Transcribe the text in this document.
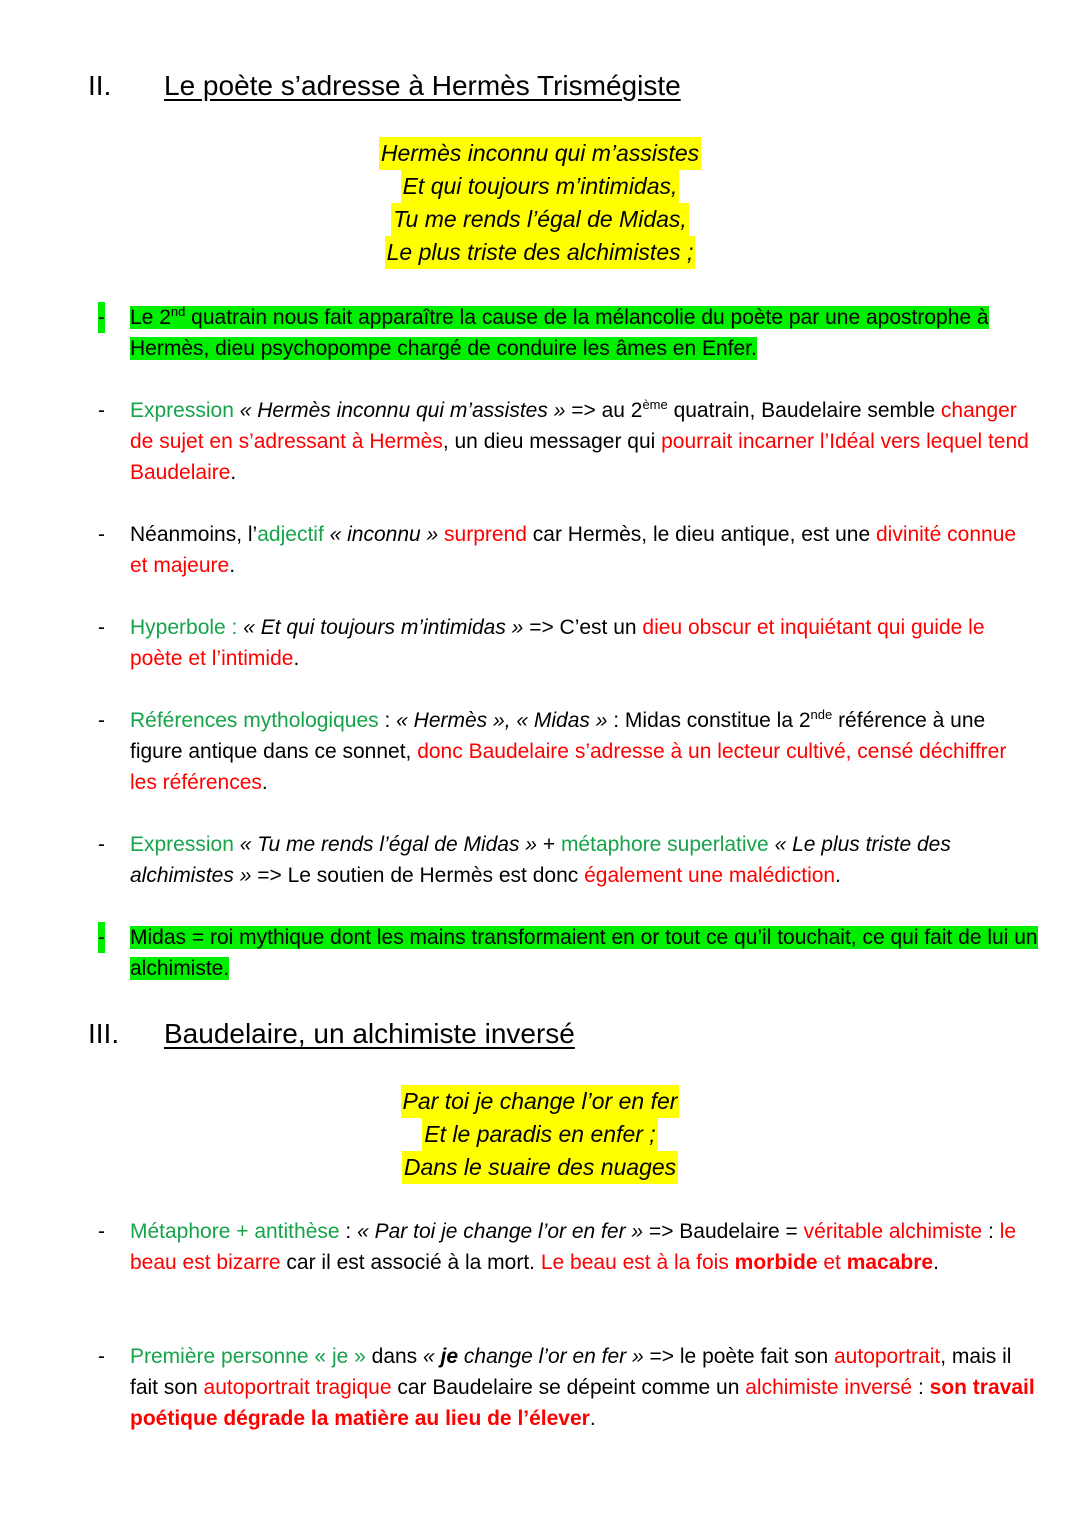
II. Le poète s’adresse à Hermès Trismégiste
Hermès inconnu qui m’assistes
Et qui toujours m’intimidas,
Tu me rends l’égal de Midas,
Le plus triste des alchimistes ;
- Le 2nd quatrain nous fait apparaître la cause de la mélancolie du poète par une apostrophe à Hermès, dieu psychopompe chargé de conduire les âmes en Enfer.
- Expression « Hermès inconnu qui m’assistes » => au 2ème quatrain, Baudelaire semble changer de sujet en s’adressant à Hermès, un dieu messager qui pourrait incarner l’Idéal vers lequel tend Baudelaire.
- Néanmoins, l’adjectif « inconnu » surprend car Hermès, le dieu antique, est une divinité connue et majeure.
- Hyperbole : « Et qui toujours m’intimidas » => C’est un dieu obscur et inquiétant qui guide le poète et l’intimide.
- Références mythologiques : « Hermès », « Midas » : Midas constitue la 2nde référence à une figure antique dans ce sonnet, donc Baudelaire s’adresse à un lecteur cultivé, censé déchiffrer les références.
- Expression « Tu me rends l’égal de Midas » + métaphore superlative « Le plus triste des alchimistes » => Le soutien de Hermès est donc également une malédiction.
- Midas = roi mythique dont les mains transformaient en or tout ce qu’il touchait, ce qui fait de lui un alchimiste.
III. Baudelaire, un alchimiste inversé
Par toi je change l’or en fer
Et le paradis en enfer ;
Dans le suaire des nuages
- Métaphore + antithèse : « Par toi je change l’or en fer » => Baudelaire = véritable alchimiste : le beau est bizarre car il est associé à la mort. Le beau est à la fois morbide et macabre.
- Première personne « je » dans « je change l’or en fer » => le poète fait son autoportrait, mais il fait son autoportrait tragique car Baudelaire se dépeint comme un alchimiste inversé : son travail poétique dégrade la matière au lieu de l’élever.
